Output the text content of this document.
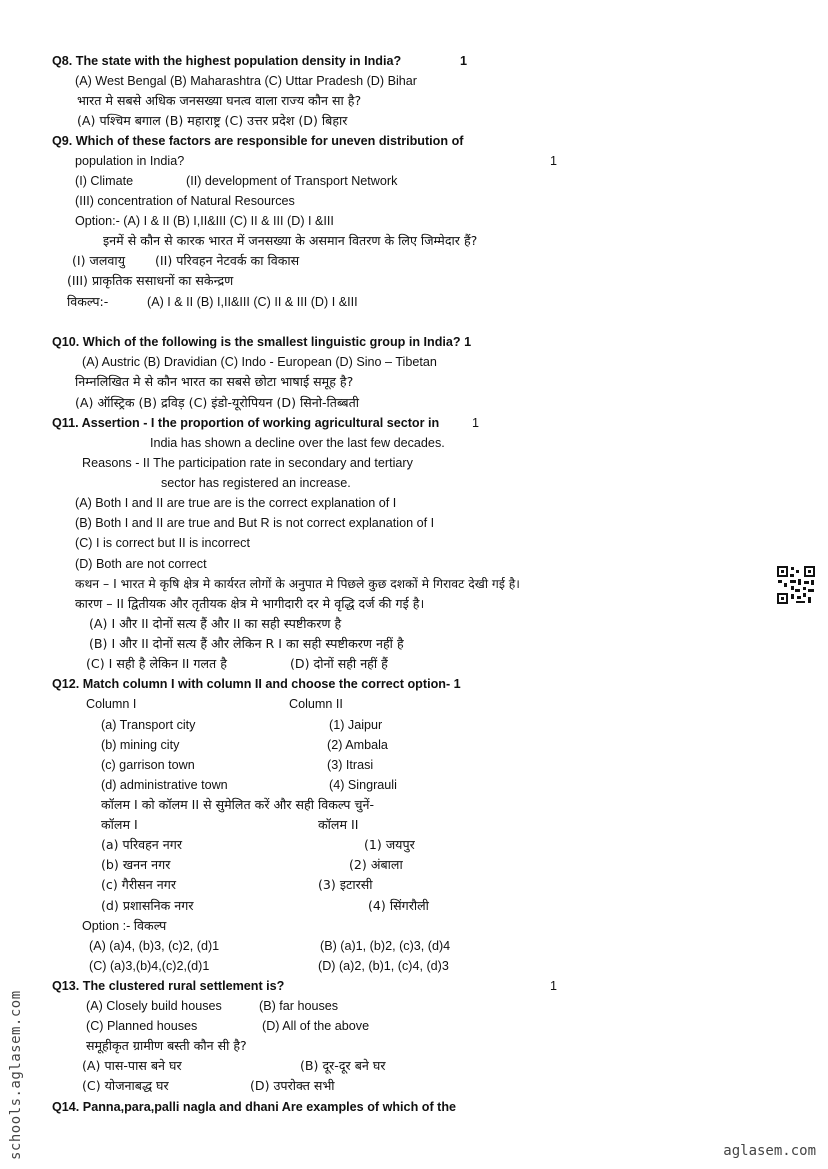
Q8. The state with the highest population density in India?	1
(A) West Bengal (B) Maharashtra (C) Uttar Pradesh (D) Bihar
भारत मे सबसे अधिक जनसख्या घनत्व वाला राज्य कौन सा है?
(A) पश्चिम बगाल (B) महाराष्ट्र (C) उत्तर प्रदेश (D) बिहार
Q9. Which of these factors are responsible for uneven distribution of
population in India?	1
(I) Climate	(II) development of Transport Network
(III) concentration of Natural Resources
Option:- (A) I & II (B) I,II&III (C) II & III (D) I &III
इनमें से कौन से कारक भारत में जनसख्या के असमान वितरण के लिए जिम्मेदार हैं?
(I) जलवायु (II) परिवहन नेटवर्क का विकास
(III) प्राकृतिक ससाधनों का सकेन्द्रण
विकल्प:-	(A) I & II (B) I,II&III (C) II & III (D) I &III
Q10. Which of the following is the smallest linguistic group in India? 1
(A) Austric (B) Dravidian (C) Indo - European (D) Sino – Tibetan
निम्नलिखित मे से कौन भारत का सबसे छोटा भाषाई समूह है?
(A) ऑस्ट्रिक (B) द्रविड़ (C) इंडो-यूरोपियन (D) सिनो-तिब्बती
Q11. Assertion - I the proportion of working agricultural sector in	1
India has shown a decline over the last few decades.
Reasons - II The participation rate in secondary and tertiary
sector has registered an increase.
(A) Both I and II are true are is the correct explanation of I
(B) Both I and II are true and But R is not correct explanation of I
(C) I is correct but II is incorrect
(D) Both are not correct
कथन – I भारत मे कृषि क्षेत्र मे कार्यरत लोगों के अनुपात मे पिछले कुछ दशकों मे गिरावट देखी गई है।
कारण – II द्वितीयक और तृतीयक क्षेत्र मे भागीदारी दर मे वृद्धि दर्ज की गई है।
(A) I और II दोनों सत्य हैं और II का सही स्पष्टीकरण है
(B) I और II दोनों सत्य हैं और लेकिन R I का सही स्पष्टीकरण नहीं है
(C) I सही है लेकिन II गलत है	(D) दोनों सही नहीं हैं
Q12. Match column I with column II and choose the correct option- 1
Column I	Column II
(a) Transport city	(1) Jaipur
(b) mining city	(2) Ambala
(c) garrison town	(3) Itrasi
(d) administrative town	(4) Singrauli
कॉलम I को कॉलम II से सुमेलित करें और सही विकल्प चुनें-
कॉलम I	कॉलम II
(a) परिवहन नगर	(1) जयपुर
(b) खनन नगर	(2) अंबाला
(c) गैरीसन नगर	(3) इटारसी
(d) प्रशासनिक नगर	(4) सिंगरौली
Option :- विकल्प
(A) (a)4, (b)3, (c)2, (d)1	(B) (a)1, (b)2, (c)3, (d)4
(C) (a)3,(b)4,(c)2,(d)1	(D) (a)2, (b)1, (c)4, (d)3
Q13. The clustered rural settlement is?	1
(A) Closely build houses	(B) far houses
(C) Planned houses	(D) All of the above
समूहीकृत ग्रामीण बस्ती कौन सी है?
(A) पास-पास बने घर	(B) दूर-दूर बने घर
(C) योजनाबद्ध घर	(D) उपरोक्त सभी
Q14. Panna,para,palli nagla and dhani Are examples of which of the
schools.aglasem.com	aglasem.com
